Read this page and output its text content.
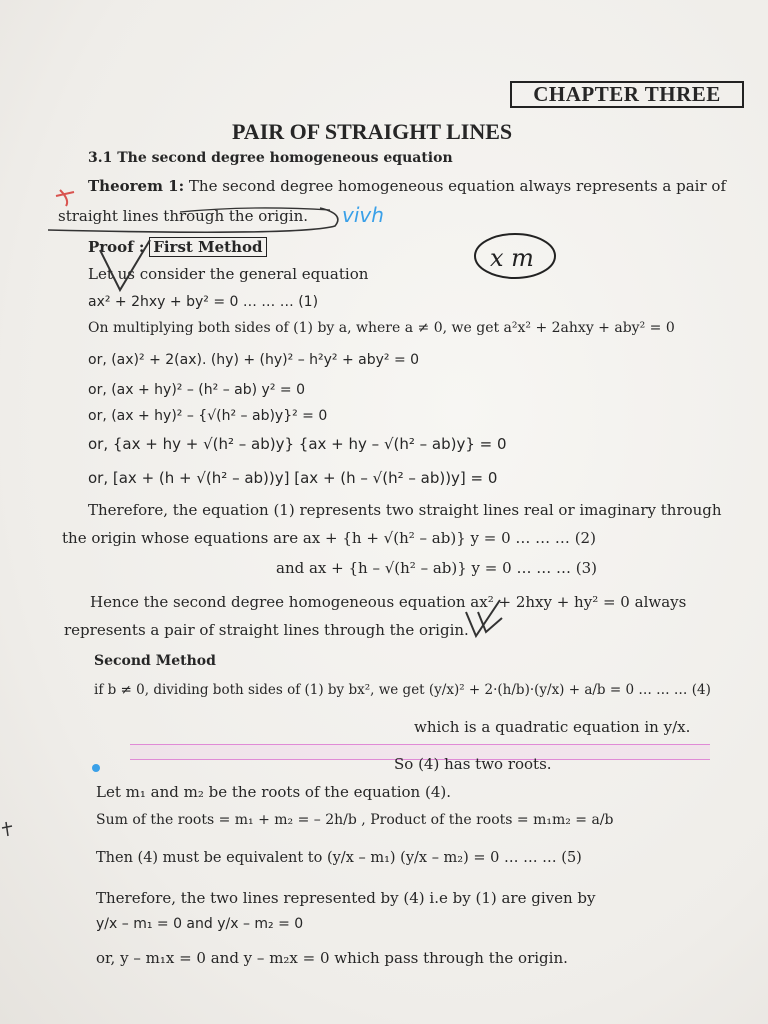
CHAPTER THREE
PAIR OF STRAIGHT LINES
3.1 The second degree homogeneous equation
Theorem 1: The second degree homogeneous equation always represents a pair of
straight lines through the origin.
Proof : First Method
Let us consider the general equation
ax² + 2hxy + by² = 0 … … … (1)
On multiplying both sides of (1) by a, where a ≠ 0, we get a²x² + 2ahxy + aby² = 0
or, (ax)² + 2(ax). (hy) + (hy)² – h²y² + aby² = 0
or, (ax + hy)² – (h² – ab) y² = 0
or, (ax + hy)² – {√(h² – ab)y}² = 0
or, {ax + hy + √(h² – ab)y} {ax + hy – √(h² – ab)y} = 0
or, [ax + (h + √(h² – ab))y] [ax + (h – √(h² – ab))y] = 0
Therefore, the equation (1) represents two straight lines real or imaginary through
the origin whose equations are ax + {h + √(h² – ab)} y = 0 … … … (2)
and ax + {h – √(h² – ab)} y = 0 … … … (3)
Hence the second degree homogeneous equation ax² + 2hxy + hy² = 0 always
represents a pair of straight lines through the origin.
Second Method
if b ≠ 0, dividing both sides of (1) by bx², we get (y/x)² + 2·(h/b)·(y/x) + a/b = 0 … … … (4)
which is a quadratic equation in y/x.
So (4) has two roots.
Let m₁ and m₂ be the roots of the equation (4).
Sum of the roots = m₁ + m₂ = – 2h/b , Product of the roots = m₁m₂ = a/b
Then (4) must be equivalent to (y/x – m₁) (y/x – m₂) = 0 … … … (5)
Therefore, the two lines represented by (4) i.e by (1) are given by
y/x – m₁ = 0 and y/x – m₂ = 0
or, y – m₁x = 0 and y – m₂x = 0 which pass through the origin.
x m
vivh
